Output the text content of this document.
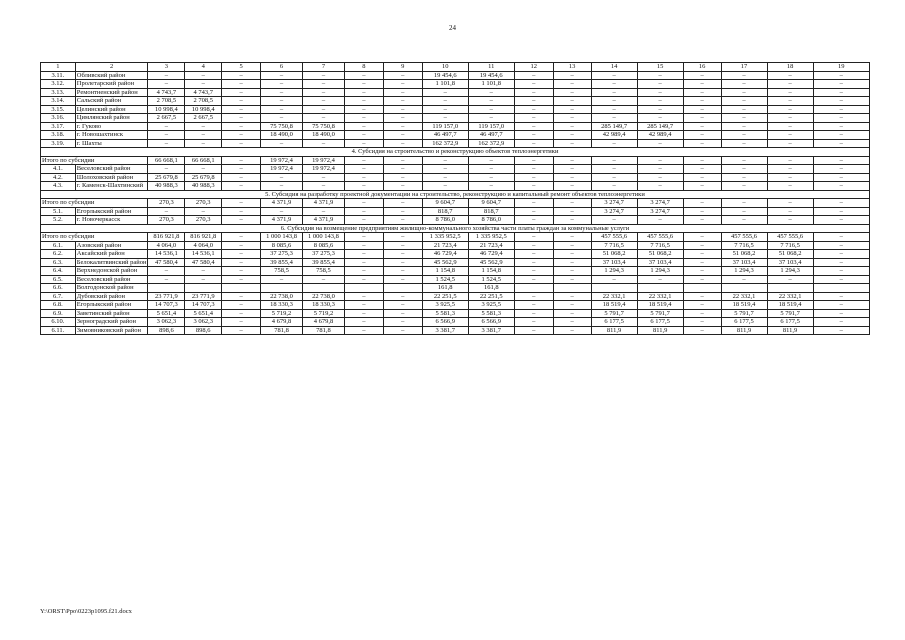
24
1	2	3	4	5	6	7	8	9	10	11	12	13	14	15	16	17	18	19
3.11.	Обливский район	–	–	–	–	–	–	–	19 454,6	19 454,6	–	–	–	–	–	–	–	–
3.12.	Пролетарский район	–	–	–	–	–	–	–	1 101,8	1 101,8	–	–	–	–	–	–	–	–
3.13.	Ремонтненский район	4 743,7	4 743,7	–	–	–	–	–	–	–	–	–	–	–	–	–	–	–
3.14.	Сальский район	2 708,5	2 708,5	–	–	–	–	–	–	–	–	–	–	–	–	–	–	–
3.15.	Целинский район	10 998,4	10 998,4	–	–	–	–	–	–	–	–	–	–	–	–	–	–	–
3.16.	Цимлянский район	2 667,5	2 667,5	–	–	–	–	–	–	–	–	–	–	–	–	–	–	–
3.17.	г. Гуково	–	–	–	75 750,8	75 750,8	–	–	119 157,0	119 157,0	–	–	285 149,7	285 149,7	–	–	–	–
3.18.	г. Новошахтинск	–	–	–	18 490,0	18 490,0	–	–	46 497,7	46 497,7	–	–	42 989,4	42 989,4	–	–	–	–
3.19.	г. Шахты	–	–	–	–	–	–	–	162 372,9	162 372,9	–	–	–	–	–	–	–	–
4. Субсидия на строительство и реконструкцию объектов теплоэнергетики																		
Итого по субсидии		66 668,1	66 668,1	–	19 972,4	19 972,4	–	–	–	–	–	–	–	–	–	–	–	–
4.1.	Веселовский район	–	–	–	19 972,4	19 972,4	–	–	–	–	–	–	–	–	–	–	–	–
4.2.	Шолоховский район	25 679,8	25 679,8	–	–	–	–	–	–	–	–	–	–	–	–	–	–	–
4.3.	г. Каменск-Шахтинский	40 988,3	40 988,3	–	–	–	–	–	–	–	–	–	–	–	–	–	–	–
5. Субсидия на разработку проектной документации на строительство, реконструкцию и капитальный ремонт объектов теплоэнергетики																		
Итого по субсидии		270,3	270,3	–	4 371,9	4 371,9	–	–	9 604,7	9 604,7	–	–	3 274,7	3 274,7	–	–	–	–
5.1.	Егорлыкский район	–	–	–	–	–	–	–	818,7	818,7	–	–	3 274,7	3 274,7	–	–	–	–
5.2.	г. Новочеркасск	270,3	270,3	–	4 371,9	4 371,9	–	–	8 786,0	8 786,0	–	–	–	–	–	–	–	–
6. Субсидия на возмещение предприятиям жилищно-коммунального хозяйства части платы граждан за коммунальные услуги																		
Итого по субсидии		816 921,8	816 921,8	–	1 000 143,8	1 000 143,8	–	–	1 335 952,5	1 335 952,5	–	–	457 555,6	457 555,6	–	457 555,6	457 555,6	–
6.1.	Азовский район	4 064,0	4 064,0	–	8 085,6	8 085,6	–	–	21 723,4	21 723,4	–	–	7 716,5	7 716,5	–	7 716,5	7 716,5	–
6.2.	Аксайский район	14 536,1	14 536,1	–	37 275,3	37 275,3	–	–	46 729,4	46 729,4	–	–	51 068,2	51 068,2	–	51 068,2	51 068,2	–
6.3.	Белокалитвинский район	47 580,4	47 580,4	–	39 855,4	39 855,4	–	–	45 562,9	45 562,9	–	–	37 103,4	37 103,4	–	37 103,4	37 103,4	–
6.4.	Верхнедонской район	–	–	–	758,5	758,5	–	–	1 154,8	1 154,8	–	–	1 294,3	1 294,3	–	1 294,3	1 294,3	–
6.5.	Веселовский район	–	–	–	–	–	–	–	1 524,5	1 524,5	–	–	–	–	–	–	–	–
6.6.	Волгодонской район								161,8	161,8								
6.7.	Дубовский район	23 771,9	23 771,9	–	22 738,0	22 738,0	–	–	22 251,5	22 251,5	–	–	22 332,1	22 332,1	–	22 332,1	22 332,1	–
6.8.	Егорлыкский район	14 707,3	14 707,3	–	18 330,3	18 330,3	–	–	3 925,5	3 925,5	–	–	18 519,4	18 519,4	–	18 519,4	18 519,4	–
6.9.	Заветинский район	5 651,4	5 651,4	–	5 719,2	5 719,2	–	–	5 581,3	5 581,3	–	–	5 791,7	5 791,7	–	5 791,7	5 791,7	–
6.10.	Зерноградский район	3 062,3	3 062,3	–	4 679,8	4 679,8	–	–	6 566,9	6 566,9	–	–	6 177,5	6 177,5	–	6 177,5	6 177,5	–
6.11.	Зимовниковский район	898,6	898,6	–	781,8	781,8	–	–	3 381,7	3 381,7	–	–	811,9	811,9	–	811,9	811,9	–
Y:\ORST\Ppo\0223p1095.f21.docx
